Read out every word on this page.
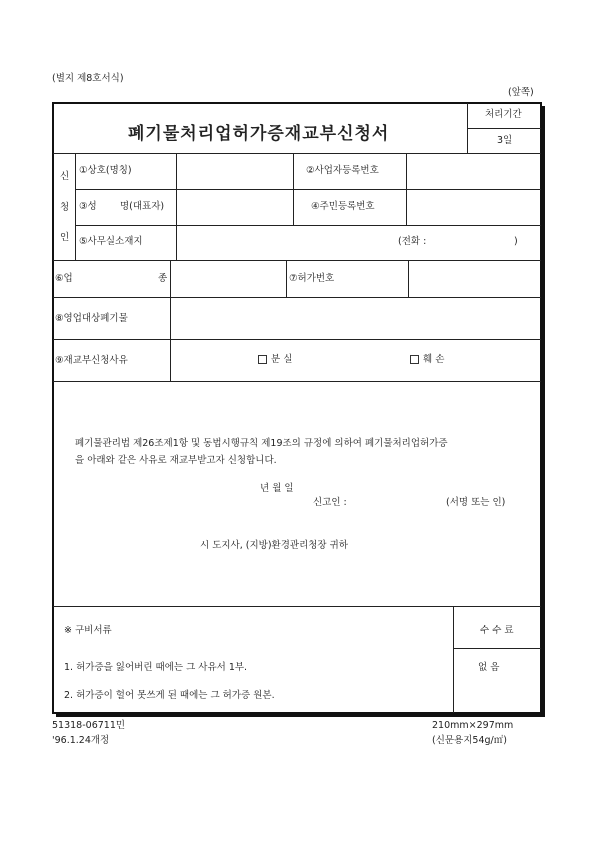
(별지 제8호서식)
(앞쪽)
폐기물처리업허가증재교부신청서
처리기간
3일
신
청
인
①상호(명칭)	②사업자등록번호
③성 명(대표자)	④주민등록번호
⑤사무실소재지	(전화 :	)
⑥업	종	⑦허가번호
⑧영업대상폐기물
⑨재교부신청사유	분 실	훼 손
폐기물관리법 제26조제1항 및 동법시행규칙 제19조의 규정에 의하여 폐기물처리업허가증
을 아래와 같은 사유로 재교부받고자 신청합니다.
년 월 일
신고인 :	(서명 또는 인)
시 도지사, (지방)환경관리청장 귀하
※ 구비서류	수 수 료
없 음
1. 허가증을 잃어버린 때에는 그 사유서 1부.
2. 허가증이 헐어 못쓰게 된 때에는 그 허가증 원본.
51318-06711민
'96.1.24개정
210mm×297mm
(신문용지54g/㎡)
